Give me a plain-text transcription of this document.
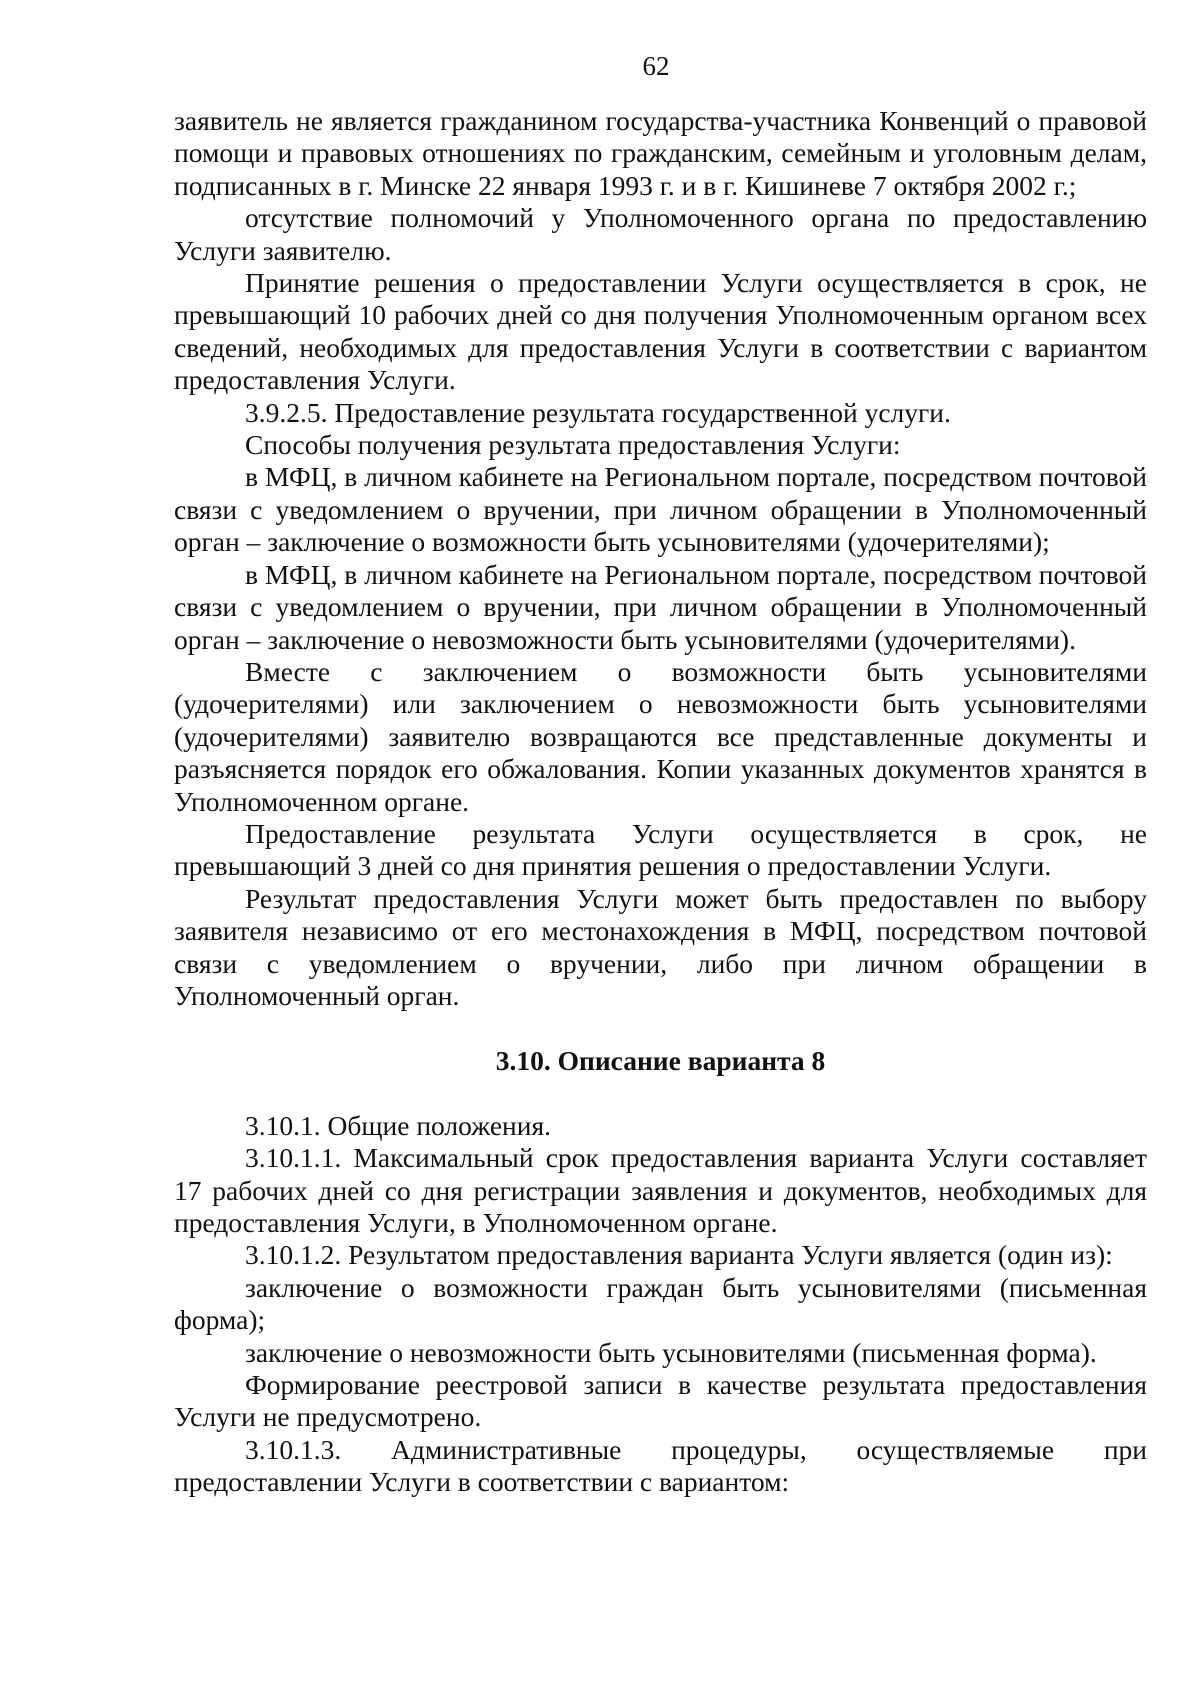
62

заявитель не является гражданином государства-участника Конвенций о правовой помощи и правовых отношениях по гражданским, семейным и уголовным делам, подписанных в г. Минске 22 января 1993 г. и в г. Кишиневе 7 октября 2002 г.;

отсутствие полномочий у Уполномоченного органа по предоставлению Услуги заявителю.

Принятие решения о предоставлении Услуги осуществляется в срок, не превышающий 10 рабочих дней со дня получения Уполномоченным органом всех сведений, необходимых для предоставления Услуги в соответствии с вариантом предоставления Услуги.

3.9.2.5. Предоставление результата государственной услуги.

Способы получения результата предоставления Услуги:

в МФЦ, в личном кабинете на Региональном портале, посредством почтовой связи с уведомлением о вручении, при личном обращении в Уполномоченный орган – заключение о возможности быть усыновителями (удочерителями);

в МФЦ, в личном кабинете на Региональном портале, посредством почтовой связи с уведомлением о вручении, при личном обращении в Уполномоченный орган – заключение о невозможности быть усыновителями (удочерителями).

Вместе с заключением о возможности быть усыновителями (удочерителями) или заключением о невозможности быть усыновителями (удочерителями) заявителю возвращаются все представленные документы и разъясняется порядок его обжалования. Копии указанных документов хранятся в Уполномоченном органе.

Предоставление результата Услуги осуществляется в срок, не превышающий 3 дней со дня принятия решения о предоставлении Услуги.

Результат предоставления Услуги может быть предоставлен по выбору заявителя независимо от его местонахождения в МФЦ, посредством почтовой связи с уведомлением о вручении, либо при личном обращении в Уполномоченный орган.

3.10. Описание варианта 8

3.10.1. Общие положения.

3.10.1.1. Максимальный срок предоставления варианта Услуги составляет 17 рабочих дней со дня регистрации заявления и документов, необходимых для предоставления Услуги, в Уполномоченном органе.

3.10.1.2. Результатом предоставления варианта Услуги является (один из):

заключение о возможности граждан быть усыновителями (письменная форма);

заключение о невозможности быть усыновителями (письменная форма).

Формирование реестровой записи в качестве результата предоставления Услуги не предусмотрено.

3.10.1.3. Административные процедуры, осуществляемые при

предоставлении Услуги в соответствии с вариантом:
